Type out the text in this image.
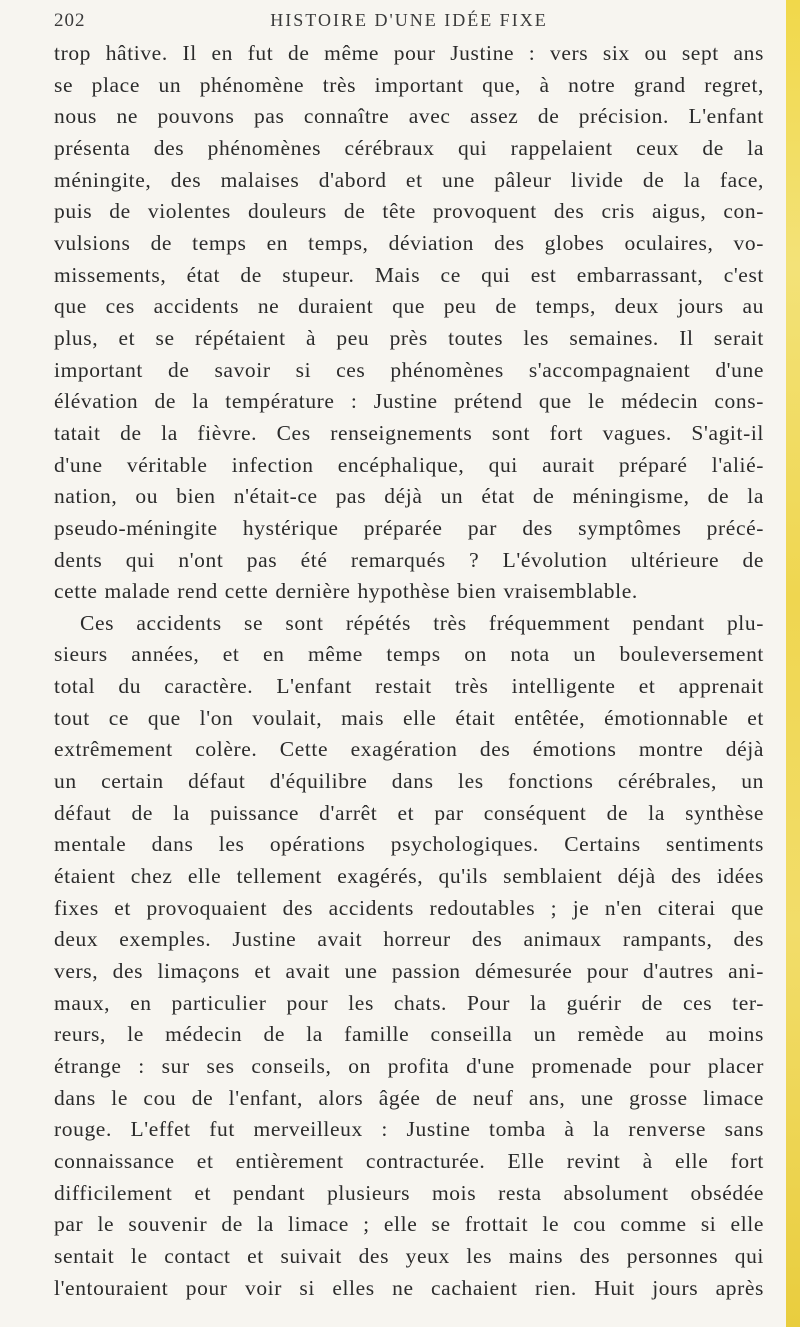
202	HISTOIRE D'UNE IDÉE FIXE
trop hâtive. Il en fut de même pour Justine : vers six ou sept ans
se place un phénomène très important que, à notre grand regret,
nous ne pouvons pas connaître avec assez de précision. L'enfant
présenta des phénomènes cérébraux qui rappelaient ceux de la
méningite, des malaises d'abord et une pâleur livide de la face,
puis de violentes douleurs de tête provoquent des cris aigus, con-
vulsions de temps en temps, déviation des globes oculaires, vo-
missements, état de stupeur. Mais ce qui est embarrassant, c'est
que ces accidents ne duraient que peu de temps, deux jours au
plus, et se répétaient à peu près toutes les semaines. Il serait
important de savoir si ces phénomènes s'accompagnaient d'une
élévation de la température : Justine prétend que le médecin cons-
tatait de la fièvre. Ces renseignements sont fort vagues. S'agit-il
d'une véritable infection encéphalique, qui aurait préparé l'alié-
nation, ou bien n'était-ce pas déjà un état de méningisme, de la
pseudo-méningite hystérique préparée par des symptômes précé-
dents qui n'ont pas été remarqués ? L'évolution ultérieure de
cette malade rend cette dernière hypothèse bien vraisemblable.
Ces accidents se sont répétés très fréquemment pendant plu-
sieurs années, et en même temps on nota un bouleversement
total du caractère. L'enfant restait très intelligente et apprenait
tout ce que l'on voulait, mais elle était entêtée, émotionnable et
extrêmement colère. Cette exagération des émotions montre déjà
un certain défaut d'équilibre dans les fonctions cérébrales, un
défaut de la puissance d'arrêt et par conséquent de la synthèse
mentale dans les opérations psychologiques. Certains sentiments
étaient chez elle tellement exagérés, qu'ils semblaient déjà des idées
fixes et provoquaient des accidents redoutables ; je n'en citerai que
deux exemples. Justine avait horreur des animaux rampants, des
vers, des limaçons et avait une passion démesurée pour d'autres ani-
maux, en particulier pour les chats. Pour la guérir de ces ter-
reurs, le médecin de la famille conseilla un remède au moins
étrange : sur ses conseils, on profita d'une promenade pour placer
dans le cou de l'enfant, alors âgée de neuf ans, une grosse limace
rouge. L'effet fut merveilleux : Justine tomba à la renverse sans
connaissance et entièrement contracturée. Elle revint à elle fort
difficilement et pendant plusieurs mois resta absolument obsédée
par le souvenir de la limace ; elle se frottait le cou comme si elle
sentait le contact et suivait des yeux les mains des personnes qui
l'entouraient pour voir si elles ne cachaient rien. Huit jours après
